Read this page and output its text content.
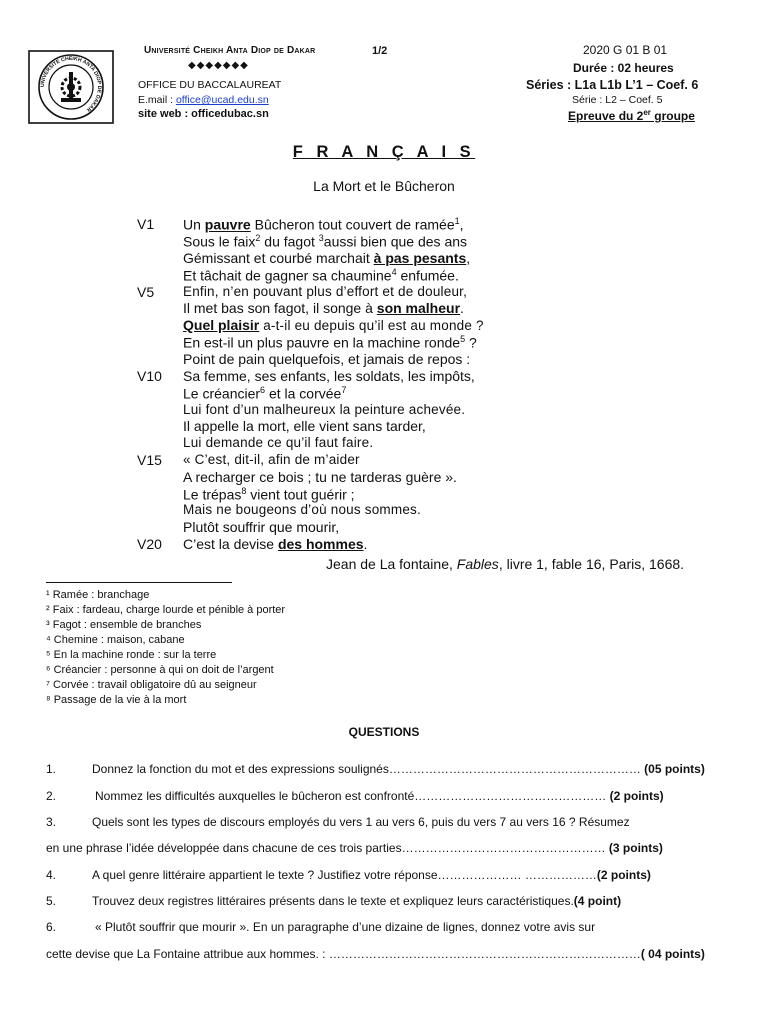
UNIVERSITE CHEIKH ANTA DIOP DE DAKAR
Université Cheikh Anta Diop de Dakar	1/2
◆◆◆◆◆◆◆
OFFICE DU BACCALAUREAT
E.mail : office@ucad.edu.sn
site web : officedubac.sn
2020 G 01 B 01
Durée : 02 heures
Séries : L1a L1b L’1 – Coef. 6
Série : L2 – Coef. 5
Epreuve du 2er groupe
F R A N Ç A I S
La Mort et le Bûcheron
V1
V5
V10
V15
V20
Un pauvre Bûcheron tout couvert de ramée$^1$,
Sous le faix$^2$ du fagot $^3$aussi bien que des ans
Gémissant et courbé marchait à pas pesants,
Et tâchait de gagner sa chaumine$^4$ enfumée.
Enfin, n’en pouvant plus d’effort et de douleur,
Il met bas son fagot, il songe à son malheur.
Quel plaisir a-t-il eu depuis qu’il est au monde ?
En est-il un plus pauvre en la machine ronde$^5$ ?
Point de pain quelquefois, et jamais de repos :
Sa femme, ses enfants, les soldats, les impôts,
Le créancier$^6$ et la corvée$^7$
Lui font d’un malheureux la peinture achevée.
Il appelle la mort, elle vient sans tarder,
Lui demande ce qu’il faut faire.
« C’est, dit-il, afin de m’aider
A recharger ce bois ; tu ne tarderas guère ».
Le trépas$^8$ vient tout guérir ;
Mais ne bougeons d’où nous sommes.
Plutôt souffrir que mourir,
C’est la devise des hommes.
Jean de La fontaine, Fables, livre 1, fable 16, Paris, 1668.
¹ Ramée : branchage
² Faix : fardeau, charge lourde et pénible à porter
³ Fagot : ensemble de branches
⁴ Chemine : maison, cabane
⁵ En la machine ronde : sur la terre
⁶ Créancier : personne à qui on doit de l’argent
⁷ Corvée : travail obligatoire dû au seigneur
⁸ Passage de la vie à la mort
QUESTIONS
1.	Donnez la fonction du mot et des expressions soulignés……………………………………………………… (05 points)
2.	Nommez les difficultés auxquelles le bûcheron est confronté………………………………………… (2 points)
3.	Quels sont les types de discours employés du vers 1 au vers 6, puis du vers 7 au vers 16 ? Résumez
en une phrase l’idée développée dans chacune de ces trois parties…………………………………………… (3 points)
4.	A quel genre littéraire appartient le texte ? Justifiez votre réponse………………… ………………(2 points)
5.	Trouvez deux registres littéraires présents dans le texte et expliquez leurs caractéristiques.(4 point)
6.	« Plutôt souffrir que mourir ». En un paragraphe d’une dizaine de lignes, donnez votre avis sur
cette devise que La Fontaine attribue aux hommes. : ……………………………………………………………………( 04 points)
